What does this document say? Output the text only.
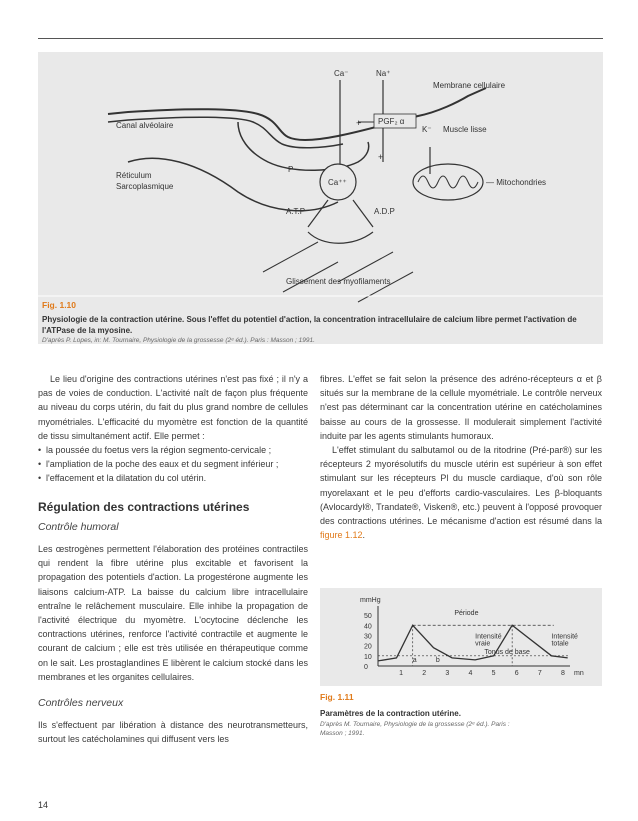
Ca⁻	Na⁺
Membrane cellulaire
Canal alvéolaire	+ PGF₂ α
K⁻ Muscle lisse
+
Réticulum
Sarcoplasmique
P
Ca⁺⁺	— Mitochondries
A.T.P	A.D.P
Glissement des myofilaments
Fig. 1.10
Physiologie de la contraction utérine. Sous l'effet du potentiel d'action, la concentration intracellulaire de calcium libre permet l'activation de l'ATPase de la myosine.
D'après P. Lopes, in: M. Tournaire, Physiologie de la grossesse (2ᵉ éd.). Paris : Masson ; 1991.

Le lieu d'origine des contractions utérines n'est pas fixé ; il n'y a pas de voies de conduction. L'activité naît de façon plus fréquente au niveau du corps utérin, du fait du plus grand nombre de cellules myométriales. L'efficacité du myomètre est fonction de la quantité de tissu simultanément actif. Elle permet :

• la poussée du foetus vers la région segmento-cervicale ;
• l'ampliation de la poche des eaux et du segment inférieur ;
• l'effacement et la dilatation du col utérin.
Régulation des contractions utérines
Contrôle humoral

Les œstrogènes permettent l'élaboration des protéines contractiles qui rendent la fibre utérine plus excitable et favorisent la propagation des potentiels d'action. La progestérone augmente les liaisons calcium-ATP. La baisse du calcium libre intracellulaire entraîne le relâchement musculaire. Elle inhibe la propagation de l'activité électrique du myomètre. L'ocytocine déclenche les contractions utérines, renforce l'activité contractile et augmente le courant de calcium ; elle est très utilisée en thérapeutique comme on le sait. Les prostaglandines E libèrent le calcium stocké dans les membranes et les organites cellulaires.

Contrôles nerveux

Ils s'effectuent par libération à distance des neurotransmetteurs, surtout les catécholamines qui diffusent vers les

fibres. L'effet se fait selon la présence des adréno-récepteurs α et β situés sur la membrane de la cellule myométriale. Le contrôle nerveux n'est pas déterminant car la concentration utérine en catécholamines baisse au cours de la grossesse. Il modulerait simplement l'activité induite par les agents stimulants humoraux.

L'effet stimulant du salbutamol ou de la ritodrine (Pré-par®) sur les récepteurs 2 myorésolutifs du muscle utérin est supérieur à son effet stimulant sur les récepteurs Pl du muscle cardiaque, d'où son rôle myorelaxant et le peu d'efforts cardio-vasculaires. Les β-bloquants (Avlocardyl®, Trandate®, Visken®, etc.) peuvent à l'opposé provoquer des contractions utérines. Le mécanisme d'action est résumé dans la figure 1.12.

mmHg
mn
0
10
20
30
40
50
1	2	3	4	5	6	7	8
Période
Intensité
vraie
Intensité
totale
Tonus de base
a	b
Fig. 1.11
Paramètres de la contraction utérine.
D'après M. Tournaire, Physiologie de la grossesse (2ᵉ éd.). Paris : Masson ; 1991.
14
